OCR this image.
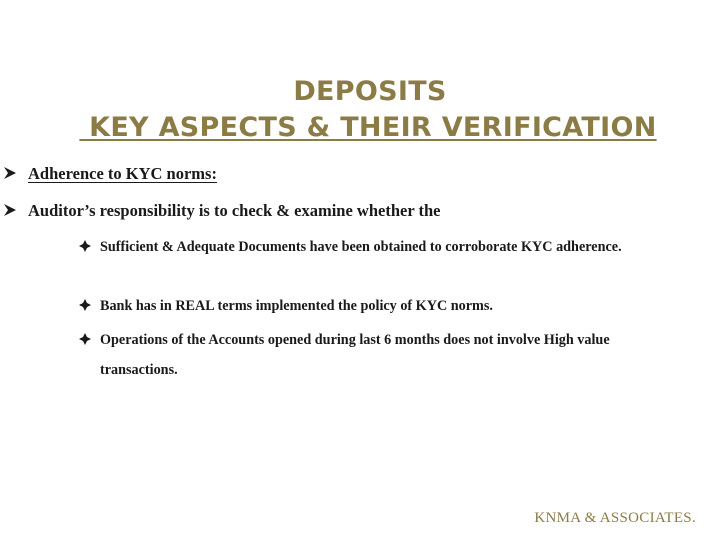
DEPOSITS
KEY ASPECTS & THEIR VERIFICATION
Adherence to KYC norms:
Auditor’s responsibility is to check & examine whether the
Sufficient & Adequate Documents have been obtained to corroborate KYC adherence.
Bank has in REAL terms implemented the policy of KYC norms.
Operations of the Accounts opened during last 6 months does not involve High value transactions.
KNMA & ASSOCIATES.
